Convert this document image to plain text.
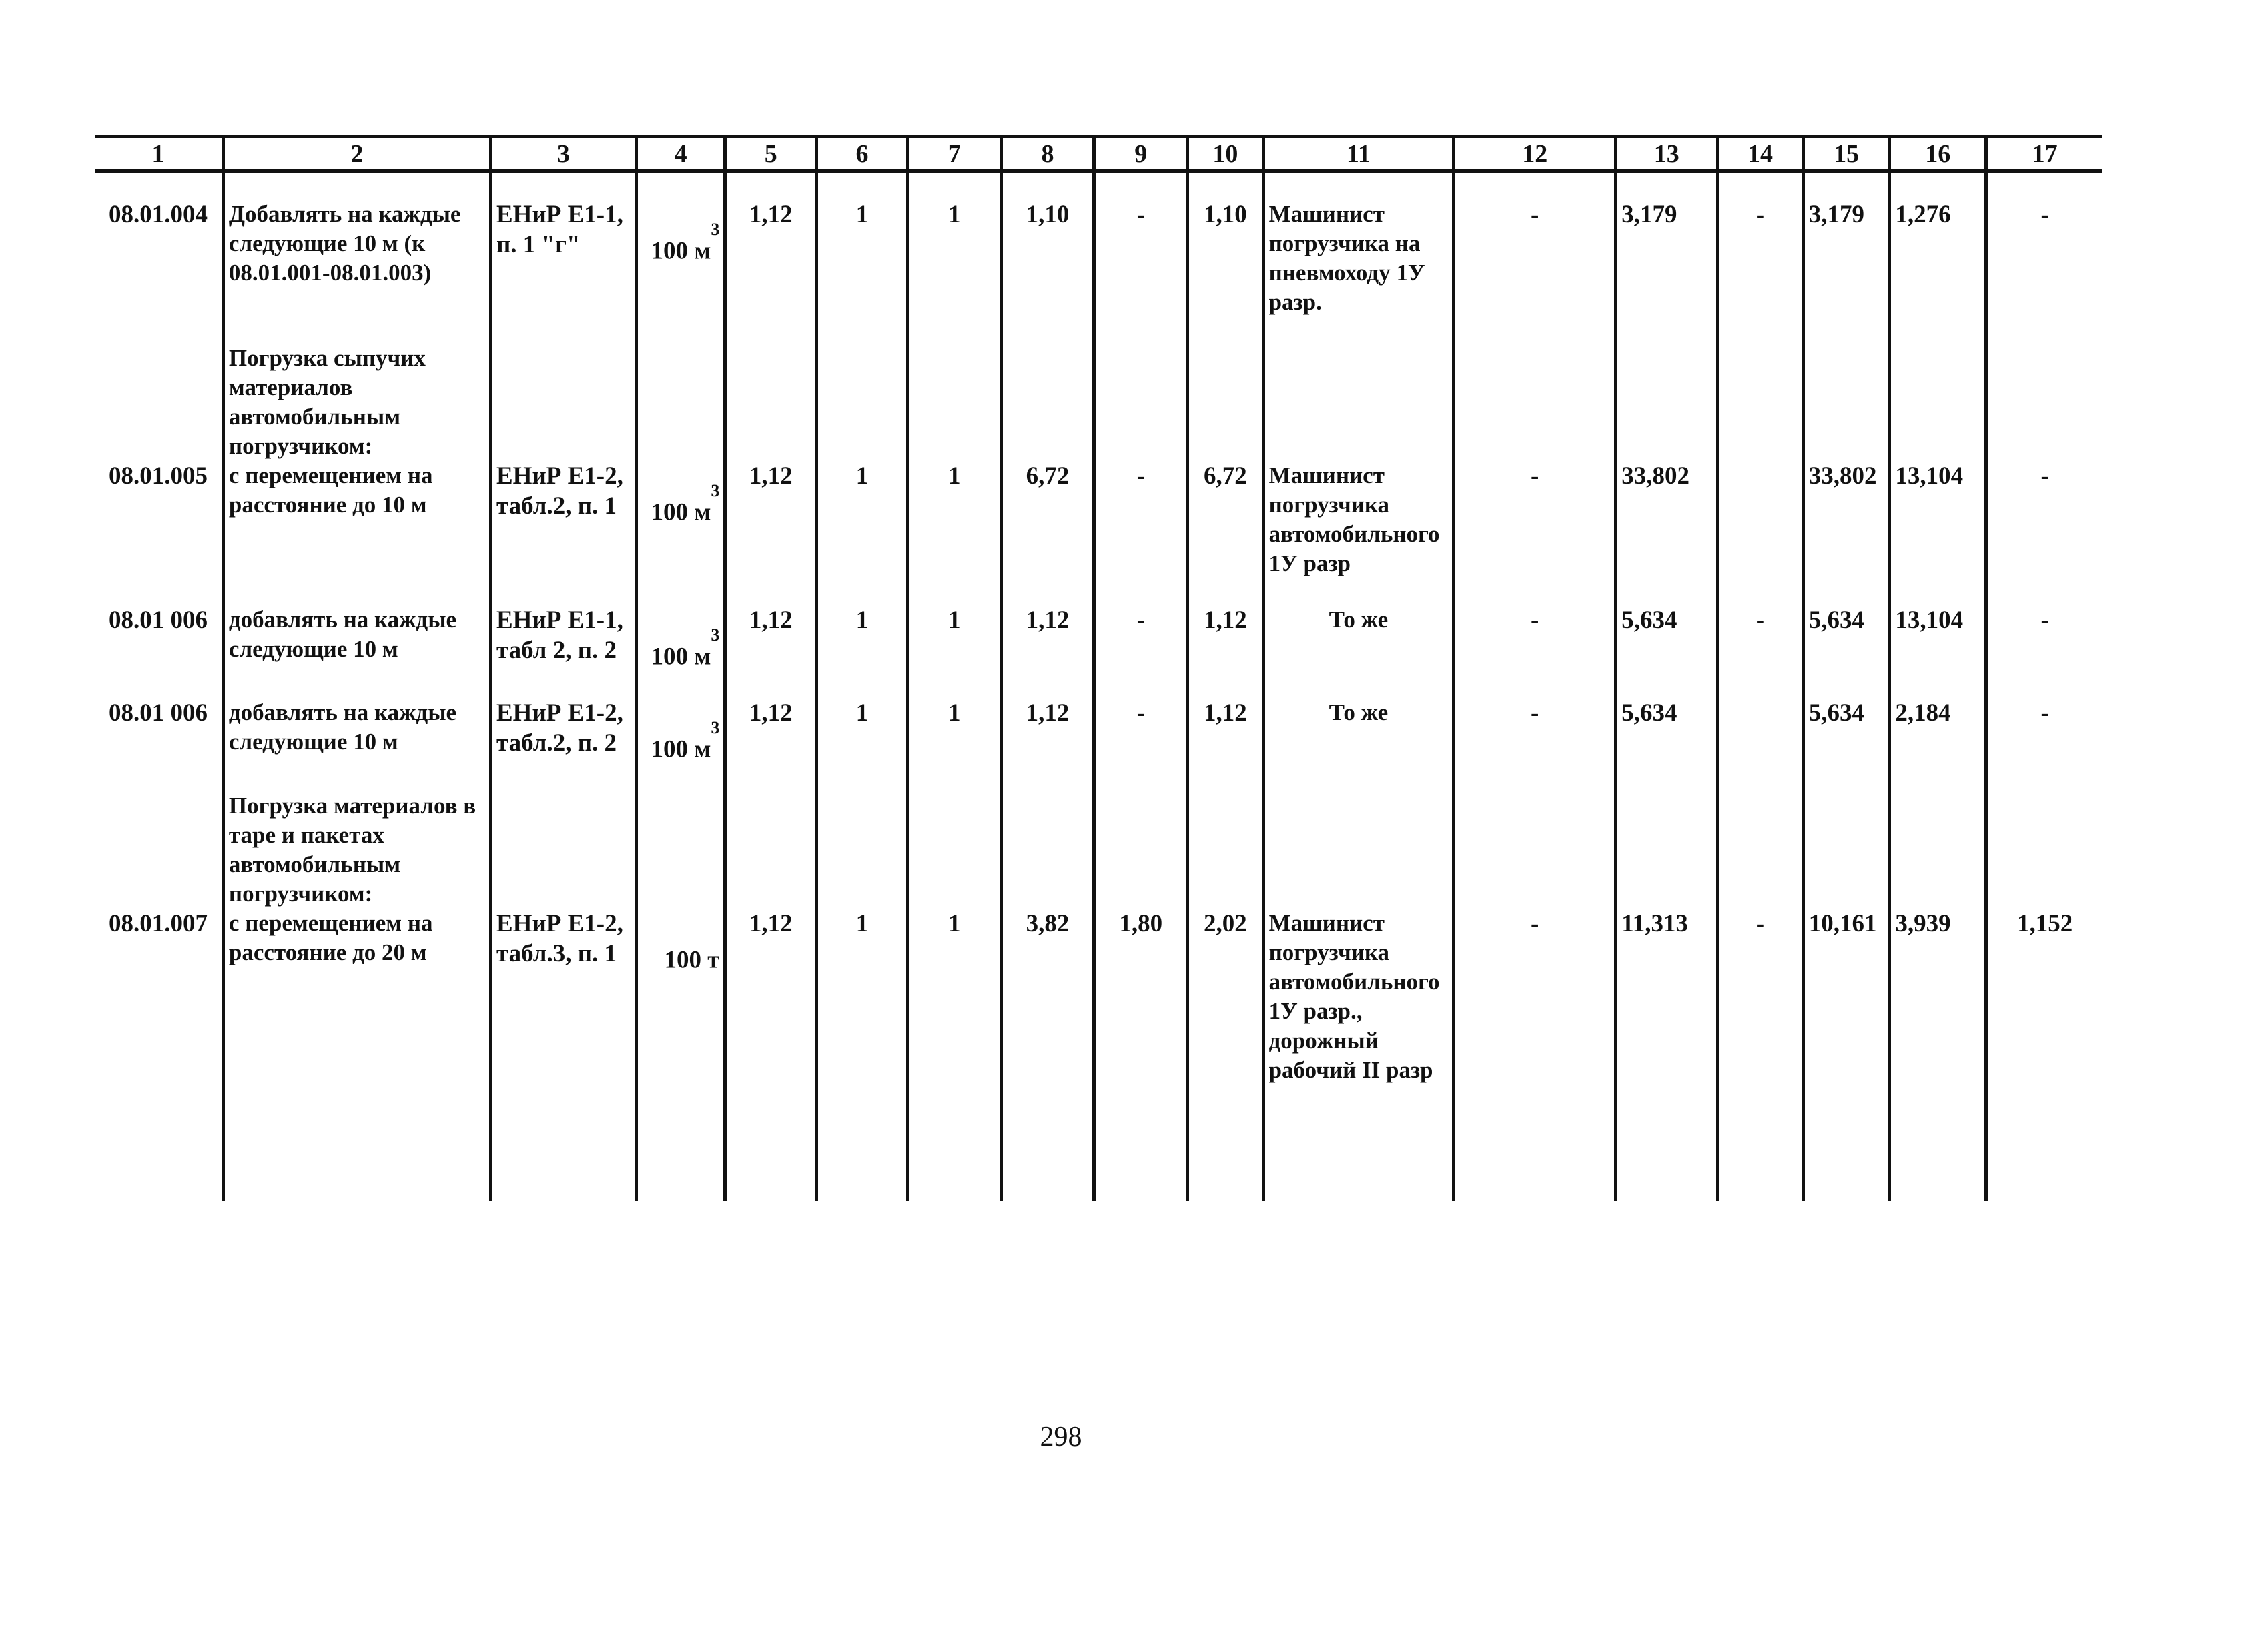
1	2	3	4	5	6	7	8	9	10	11	12	13	14	15	16	17

08.01.004	Добавлять на каждые следующие 10 м (к 08.01.001-08.01.003)	ЕНиР Е1-1, п. 1 "г"	100 $м^3$	1,12	1	1	1,10	-	1,10	Машинист погрузчика на пневмоходу 1У разр.	-	3,179	-	3,179	1,276	-
	Погрузка сыпучих материалов автомобильным погрузчиком:															
08.01.005	с перемещением на расстояние до 10 м	ЕНиР Е1-2, табл.2, п. 1	100 $м^3$	1,12	1	1	6,72	-	6,72	Машинист погрузчика автомобильного 1У разр	-	33,802		33,802	13,104	-
08.01 006	добавлять на каждые следующие 10 м	ЕНиР Е1-1, табл 2, п. 2	100 $м^3$	1,12	1	1	1,12	-	1,12	То же	-	5,634	-	5,634	13,104	-
08.01 006	добавлять на каждые следующие 10 м	ЕНиР Е1-2, табл.2, п. 2	100 $м^3$	1,12	1	1	1,12	-	1,12	То же	-	5,634		5,634	2,184	-
	Погрузка материалов в таре и пакетах автомобильным погрузчиком:															
08.01.007	с перемещением на расстояние до 20 м	ЕНиР Е1-2, табл.3, п. 1	100 т	1,12	1	1	3,82	1,80	2,02	Машинист погрузчика автомобильного 1У разр., дорожный рабочий II разр	-	11,313	-	10,161	3,939	1,152

298
